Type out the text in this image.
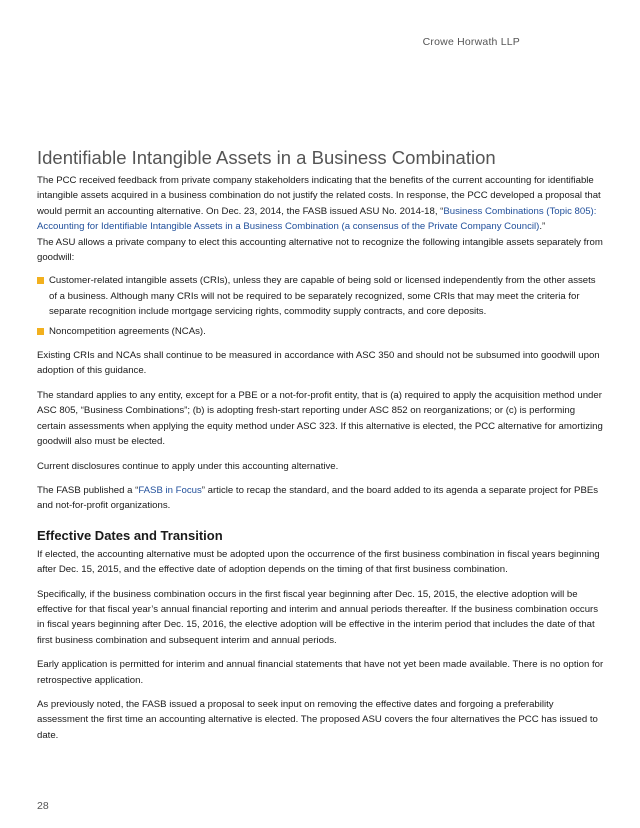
Crowe Horwath LLP
Identifiable Intangible Assets in a Business Combination

The PCC received feedback from private company stakeholders indicating that the benefits of the current accounting for identifiable intangible assets acquired in a business combination do not justify the related costs. In response, the PCC developed a proposal that would permit an accounting alternative. On Dec. 23, 2014, the FASB issued ASU No. 2014-18, “Business Combinations (Topic 805): Accounting for Identifiable Intangible Assets in a Business Combination (a consensus of the Private Company Council).”

The ASU allows a private company to elect this accounting alternative not to recognize the following intangible assets separately from goodwill:

Customer-related intangible assets (CRIs), unless they are capable of being sold or licensed independently from the other assets of a business. Although many CRIs will not be required to be separately recognized, some CRIs that may meet the criteria for separate recognition include mortgage servicing rights, commodity supply contracts, and core deposits.
Noncompetition agreements (NCAs).

Existing CRIs and NCAs shall continue to be measured in accordance with ASC 350 and should not be subsumed into goodwill upon adoption of this guidance.

The standard applies to any entity, except for a PBE or a not-for-profit entity, that is (a) required to apply the acquisition method under ASC 805, “Business Combinations”; (b) is adopting fresh-start reporting under ASC 852 on reorganizations; or (c) is performing certain assessments when applying the equity method under ASC 323. If this alternative is elected, the PCC alternative for amortizing goodwill also must be elected.

Current disclosures continue to apply under this accounting alternative.

The FASB published a “FASB in Focus” article to recap the standard, and the board added to its agenda a separate project for PBEs and not-for-profit organizations.

Effective Dates and Transition

If elected, the accounting alternative must be adopted upon the occurrence of the first business combination in fiscal years beginning after Dec. 15, 2015, and the effective date of adoption depends on the timing of that first business combination.

Specifically, if the business combination occurs in the first fiscal year beginning after Dec. 15, 2015, the elective adoption will be effective for that fiscal year’s annual financial reporting and interim and annual periods thereafter. If the business combination occurs in fiscal years beginning after Dec. 15, 2016, the elective adoption will be effective in the interim period that includes the date of that first business combination and subsequent interim and annual periods.

Early application is permitted for interim and annual financial statements that have not yet been made available. There is no option for retrospective application.

As previously noted, the FASB issued a proposal to seek input on removing the effective dates and forgoing a preferability assessment the first time an accounting alternative is elected. The proposed ASU covers the four alternatives the PCC has issued to date.

28
